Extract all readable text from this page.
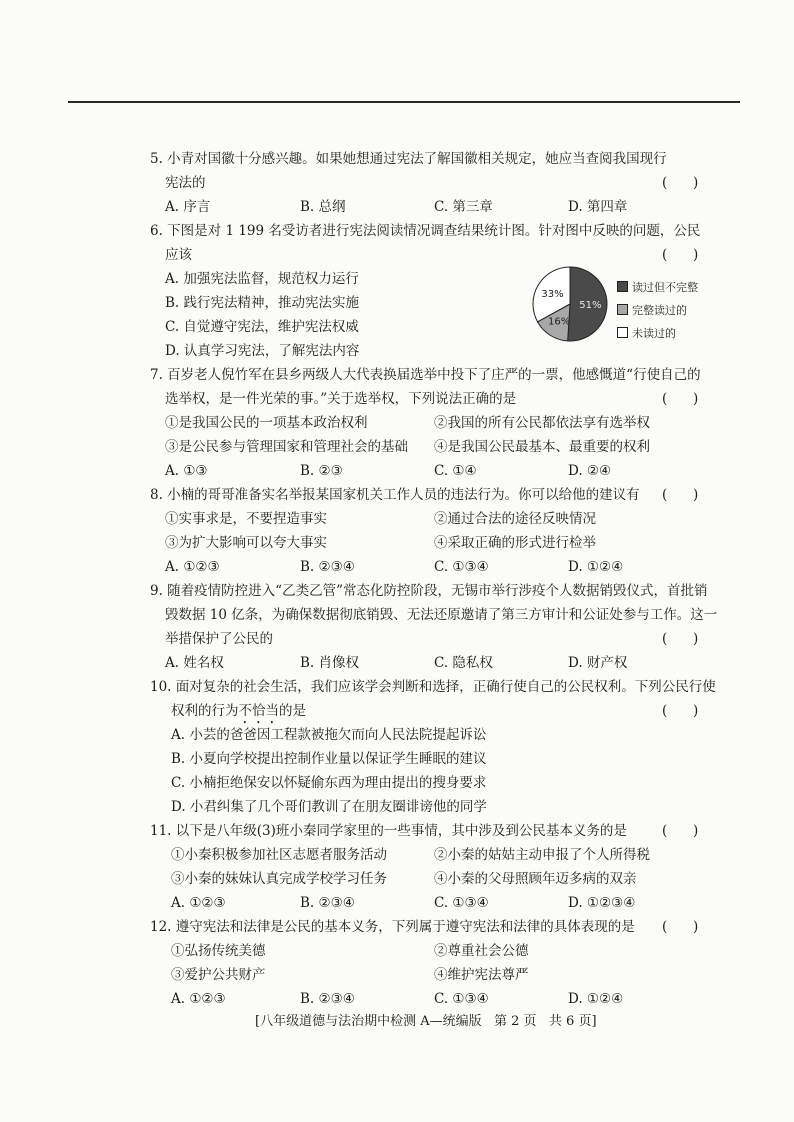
5. 小青对国徽十分感兴趣。如果她想通过宪法了解国徽相关规定，她应当查阅我国现行
宪法的	(      )
A. 序言	B. 总纲	C. 第三章	D. 第四章
6. 下图是对 1 199 名受访者进行宪法阅读情况调查结果统计图。针对图中反映的问题，公民
应该	(      )
A. 加强宪法监督，规范权力运行
B. 践行宪法精神，推动宪法实施
C. 自觉遵守宪法，维护宪法权威
D. 认真学习宪法，了解宪法内容
51%
16%
33%
读过但不完整
完整读过的
未读过的
7. 百岁老人倪竹军在县乡两级人大代表换届选举中投下了庄严的一票，他感慨道“行使自己的
选举权，是一件光荣的事。”关于选举权，下列说法正确的是	(      )
①是我国公民的一项基本政治权利	②我国的所有公民都依法享有选举权
③是公民参与管理国家和管理社会的基础 ④是我国公民最基本、最重要的权利
A. ①③	B. ②③	C. ①④	D. ②④
8. 小楠的哥哥准备实名举报某国家机关工作人员的违法行为。你可以给他的建议有 (      )
①实事求是，不要捏造事实	②通过合法的途径反映情况
③为扩大影响可以夸大事实	④采取正确的形式进行检举
A. ①②③	B. ②③④	C. ①③④	D. ①②④
9. 随着疫情防控进入“乙类乙管”常态化防控阶段，无锡市举行涉疫个人数据销毁仪式，首批销
毁数据 10 亿条，为确保数据彻底销毁、无法还原邀请了第三方审计和公证处参与工作。这一
举措保护了公民的	(      )
A. 姓名权	B. 肖像权	C. 隐私权	D. 财产权
10. 面对复杂的社会生活，我们应该学会判断和选择，正确行使自己的公民权利。下列公民行使
权利的行为不恰当的是	(      )
A. 小芸的爸爸因工程款被拖欠而向人民法院提起诉讼
B. 小夏向学校提出控制作业量以保证学生睡眠的建议
C. 小楠拒绝保安以怀疑偷东西为理由提出的搜身要求
D. 小君纠集了几个哥们教训了在朋友圈诽谤他的同学
11. 以下是八年级(3)班小秦同学家里的一些事情，其中涉及到公民基本义务的是	(      )
①小秦积极参加社区志愿者服务活动	②小秦的姑姑主动申报了个人所得税
③小秦的妹妹认真完成学校学习任务	④小秦的父母照顾年迈多病的双亲
A. ①②③	B. ②③④	C. ①③④	D. ①②③④
12. 遵守宪法和法律是公民的基本义务，下列属于遵守宪法和法律的具体表现的是 (      )
①弘扬传统美德	②尊重社会公德
③爱护公共财产	④维护宪法尊严
A. ①②③	B. ②③④	C. ①③④	D. ①②④
[八年级道德与法治期中检测 A—统编版   第 2 页   共 6 页]
